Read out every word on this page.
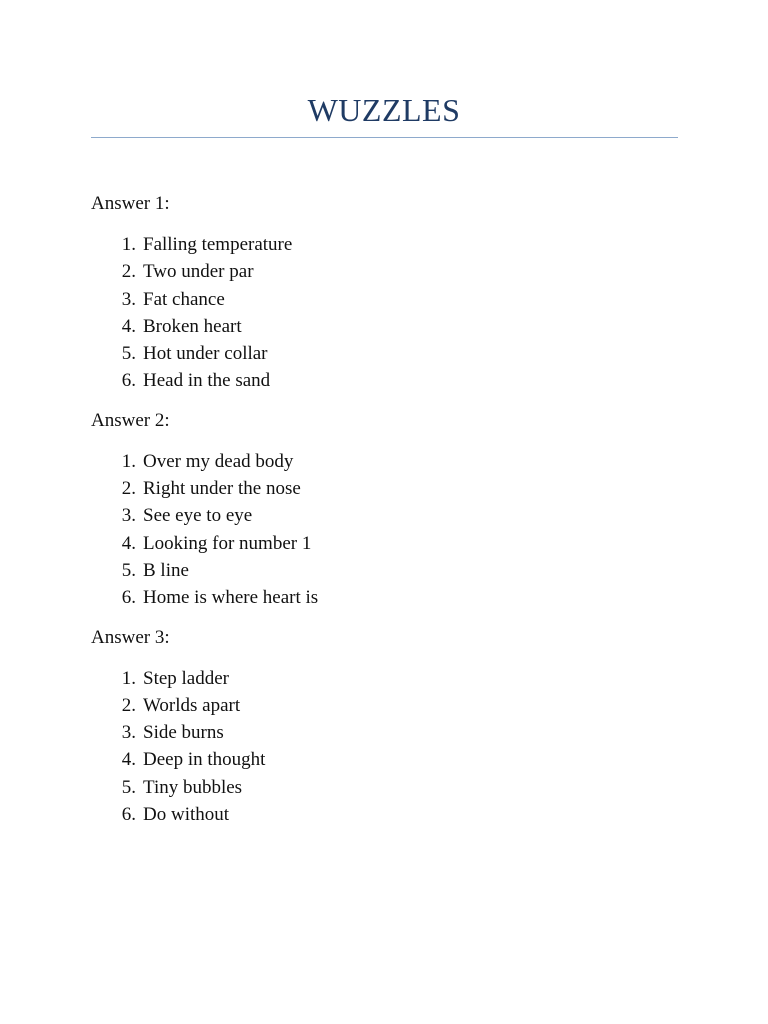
WUZZLES
Answer 1:
1. Falling temperature
2. Two under par
3. Fat chance
4. Broken heart
5. Hot under collar
6. Head in the sand
Answer 2:
1. Over my dead body
2. Right under the nose
3. See eye to eye
4. Looking for number 1
5. B line
6. Home is where heart is
Answer 3:
1. Step ladder
2. Worlds apart
3. Side burns
4. Deep in thought
5. Tiny bubbles
6. Do without
